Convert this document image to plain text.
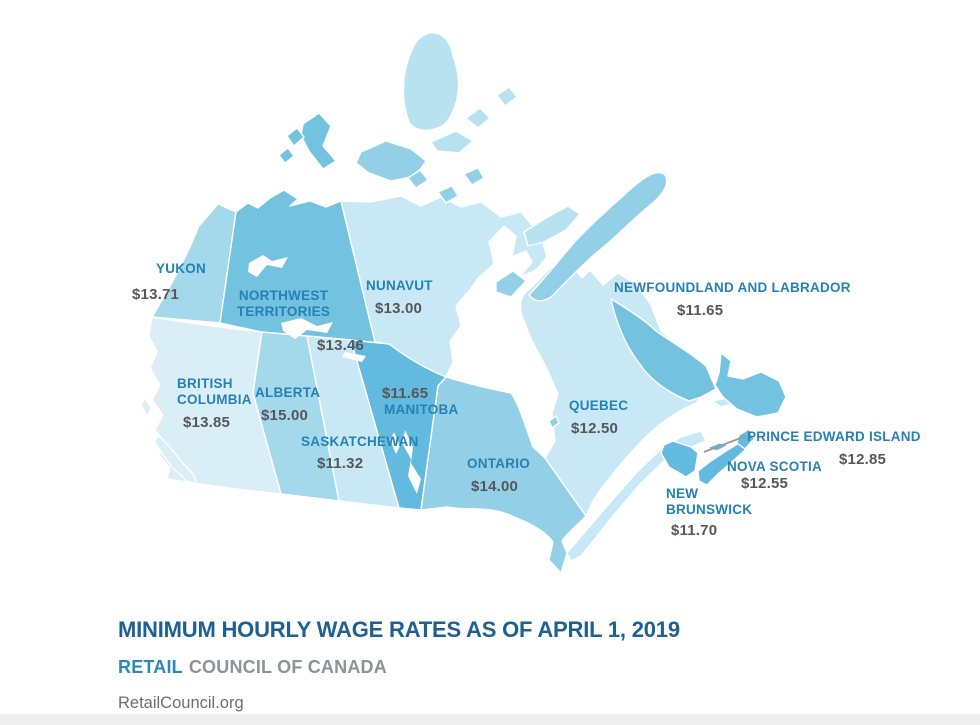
YUKON
$13.71	NORTHWEST TERRITORIES
$13.46
NUNAVUT
$13.00
BRITISH COLUMBIA
$13.85
ALBERTA
$15.00
SASKATCHEWAN
$11.32
$11.65
MANITOBA
ONTARIO
$14.00
QUEBEC
$12.50
NEWFOUNDLAND AND LABRADOR
$11.65
PRINCE EDWARD ISLAND
$12.85
NOVA SCOTIA
$12.55
NEW BRUNSWICK
$11.70
MINIMUM HOURLY WAGE RATES AS OF APRIL 1, 2019
RETAIL COUNCIL OF CANADA
RetailCouncil.org
